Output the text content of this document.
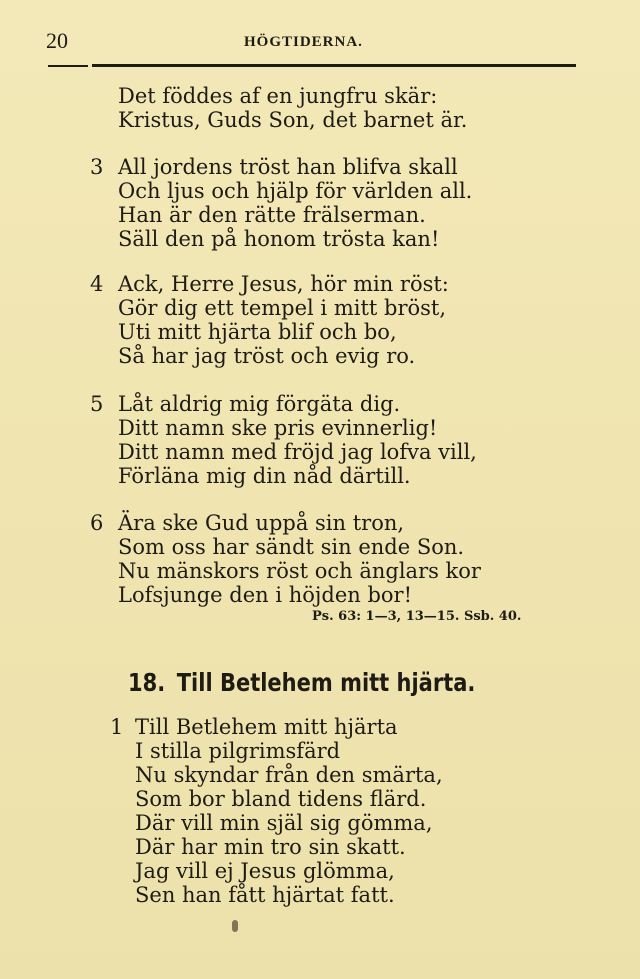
20	HÖGTIDERNA.
Det föddes af en jungfru skär:
Kristus, Guds Son, det barnet är.
3 All jordens tröst han blifva skall
Och ljus och hjälp för världen all.
Han är den rätte frälserman.
Säll den på honom trösta kan!
4 Ack, Herre Jesus, hör min röst:
Gör dig ett tempel i mitt bröst,
Uti mitt hjärta blif och bo,
Så har jag tröst och evig ro.
5 Låt aldrig mig förgäta dig.
Ditt namn ske pris evinnerlig!
Ditt namn med fröjd jag lofva vill,
Förläna mig din nåd därtill.
6 Ära ske Gud uppå sin tron,
Som oss har sändt sin ende Son.
Nu mänskors röst och änglars kor
Lofsjunge den i höjden bor!
Ps. 63: 1—3, 13—15. Ssb. 40.
18. Till Betlehem mitt hjärta.
1 Till Betlehem mitt hjärta
I stilla pilgrimsfärd
Nu skyndar från den smärta,
Som bor bland tidens flärd.
Där vill min själ sig gömma,
Där har min tro sin skatt.
Jag vill ej Jesus glömma,
Sen han fått hjärtat fatt.
